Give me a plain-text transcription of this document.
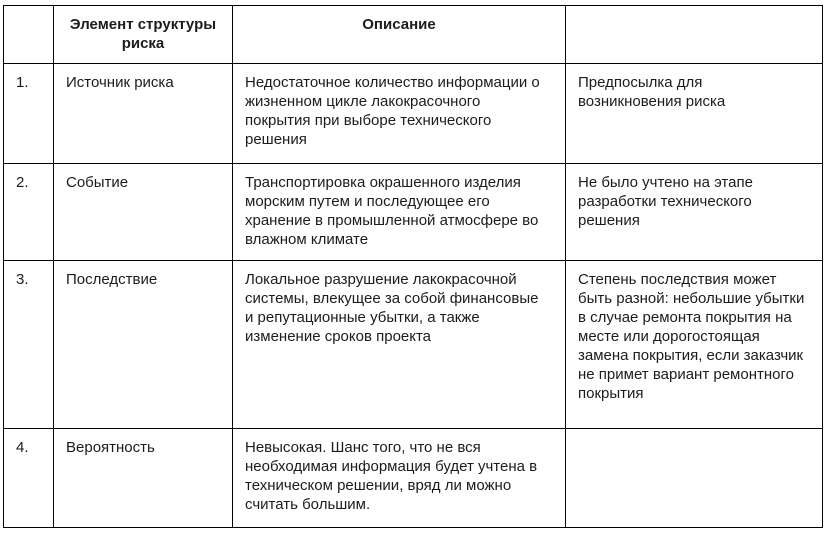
	Элемент структуры риска	Описание	
1.	Источник риска	Недостаточное количество информации о жизненном цикле лакокрасочного покрытия при выборе технического решения	Предпосылка для возникновения риска
2.	Событие	Транспортировка окрашенного изделия морским путем и последующее его хранение в промышленной атмосфере во влажном климате	Не было учтено на этапе разработки технического решения
3.	Последствие	Локальное разрушение лакокрасочной системы, влекущее за собой финансовые и репутационные убытки, а также изменение сроков проекта	Степень последствия может быть разной: небольшие убытки в случае ремонта покрытия на месте или дорогостоящая замена покрытия, если заказчик не примет вариант ремонтного покрытия
4.	Вероятность	Невысокая. Шанс того, что не вся необходимая информация будет учтена в техническом решении, вряд ли можно считать большим.	
